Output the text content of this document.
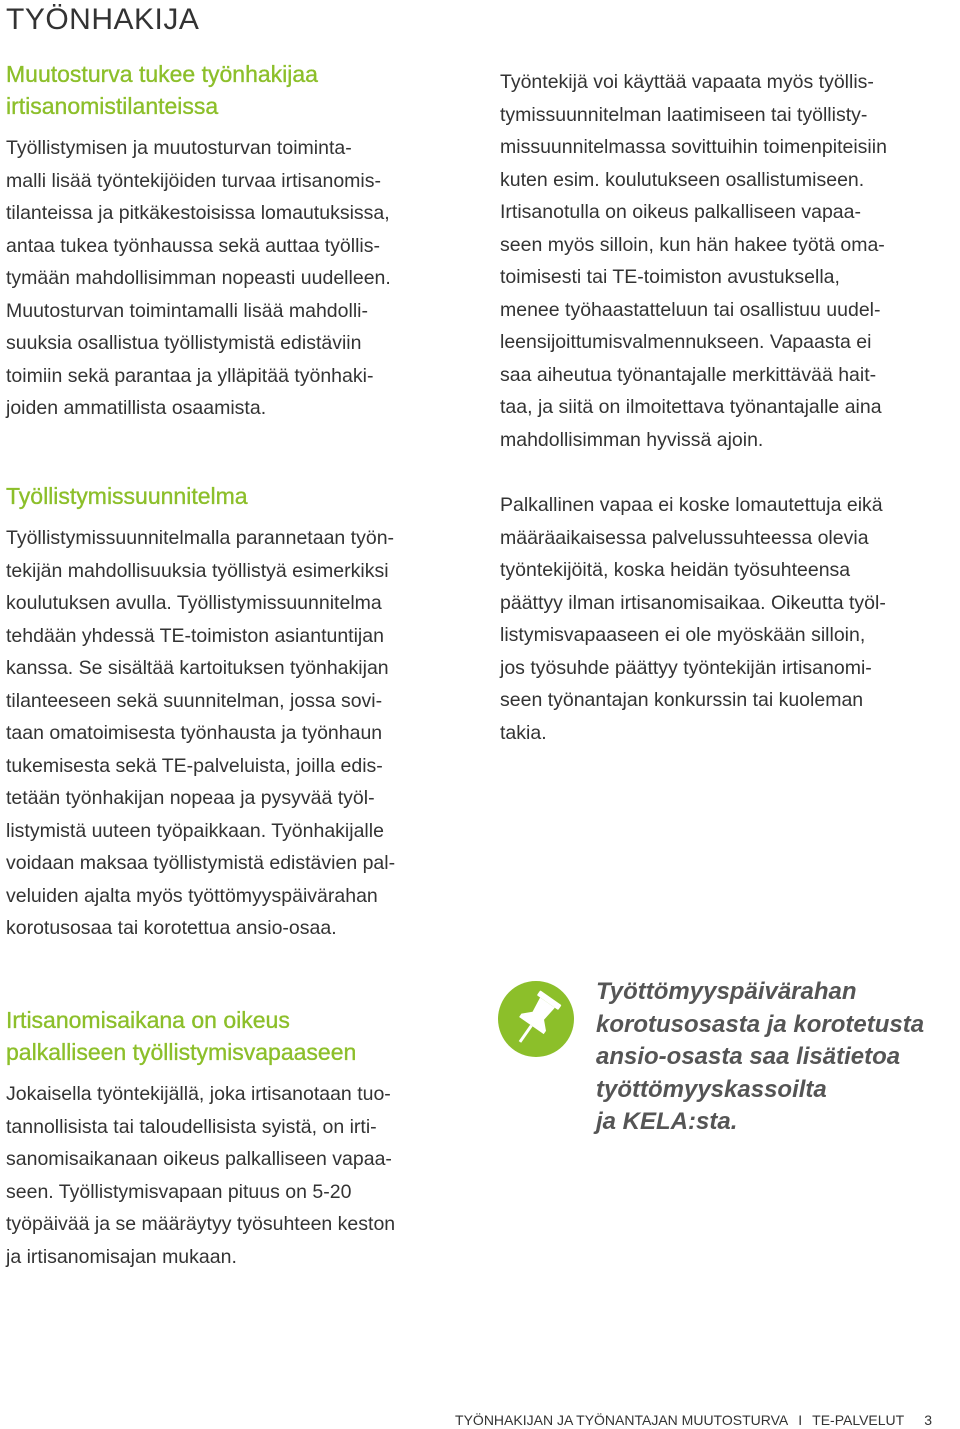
TYÖNHAKIJA
Muutosturva tukee työnhakijaa
irtisanomistilanteissa

Työllistymisen ja muutosturvan toiminta-
malli lisää työntekijöiden turvaa irtisanomis-
tilanteissa ja pitkäkestoisissa lomautuksissa,
antaa tukea työnhaussa sekä auttaa työllis-
tymään mahdollisimman nopeasti uudelleen.
Muutosturvan toimintamalli lisää mahdolli-
suuksia osallistua työllistymistä edistäviin
toimiin sekä parantaa ja ylläpitää työnhaki-
joiden ammatillista osaamista.

Työllistymissuunnitelma

Työllistymissuunnitelmalla parannetaan työn-
tekijän mahdollisuuksia työllistyä esimerkiksi
koulutuksen avulla. Työllistymissuunnitelma
tehdään yhdessä TE-toimiston asiantuntijan
kanssa. Se sisältää kartoituksen työnhakijan
tilanteeseen sekä suunnitelman, jossa sovi-
taan omatoimisesta työnhausta ja työnhaun
tukemisesta sekä TE-palveluista, joilla edis-
tetään työnhakijan nopeaa ja pysyvää työl-
listymistä uuteen työpaikkaan. Työnhakijalle
voidaan maksaa työllistymistä edistävien pal-
veluiden ajalta myös työttömyyspäivärahan
korotusosaa tai korotettua ansio-osaa.

Irtisanomisaikana on oikeus
palkalliseen työllistymisvapaaseen

Jokaisella työntekijällä, joka irtisanotaan tuo-
tannollisista tai taloudellisista syistä, on irti-
sanomisaikanaan oikeus palkalliseen vapaa-
seen. Työllistymisvapaan pituus on 5-20
työpäivää ja se määräytyy työsuhteen keston
ja irtisanomisajan mukaan.

Työntekijä voi käyttää vapaata myös työllis-
tymissuunnitelman laatimiseen tai työllisty-
missuunnitelmassa sovittuihin toimenpiteisiin
kuten esim. koulutukseen osallistumiseen.
Irtisanotulla on oikeus palkalliseen vapaa-
seen myös silloin, kun hän hakee työtä oma-
toimisesti tai TE-toimiston avustuksella,
menee työhaastatteluun tai osallistuu uudel-
leensijoittumisvalmennukseen. Vapaasta ei
saa aiheutua työnantajalle merkittävää hait-
taa, ja siitä on ilmoitettava työnantajalle aina
mahdollisimman hyvissä ajoin.

Palkallinen vapaa ei koske lomautettuja eikä
määräaikaisessa palvelussuhteessa olevia
työntekijöitä, koska heidän työsuhteensa
päättyy ilman irtisanomisaikaa. Oikeutta työl-
listymisvapaaseen ei ole myöskään silloin,
jos työsuhde päättyy työntekijän irtisanomi-
seen työnantajan konkurssin tai kuoleman
takia.

Työttömyyspäivärahan
korotusosasta ja korotetusta
ansio-osasta saa lisätietoa
työttömyyskassoilta
ja KELA:sta.
TYÖNHAKIJAN JA TYÖNANTAJAN MUUTOSTURVA I TE-PALVELUT 3
